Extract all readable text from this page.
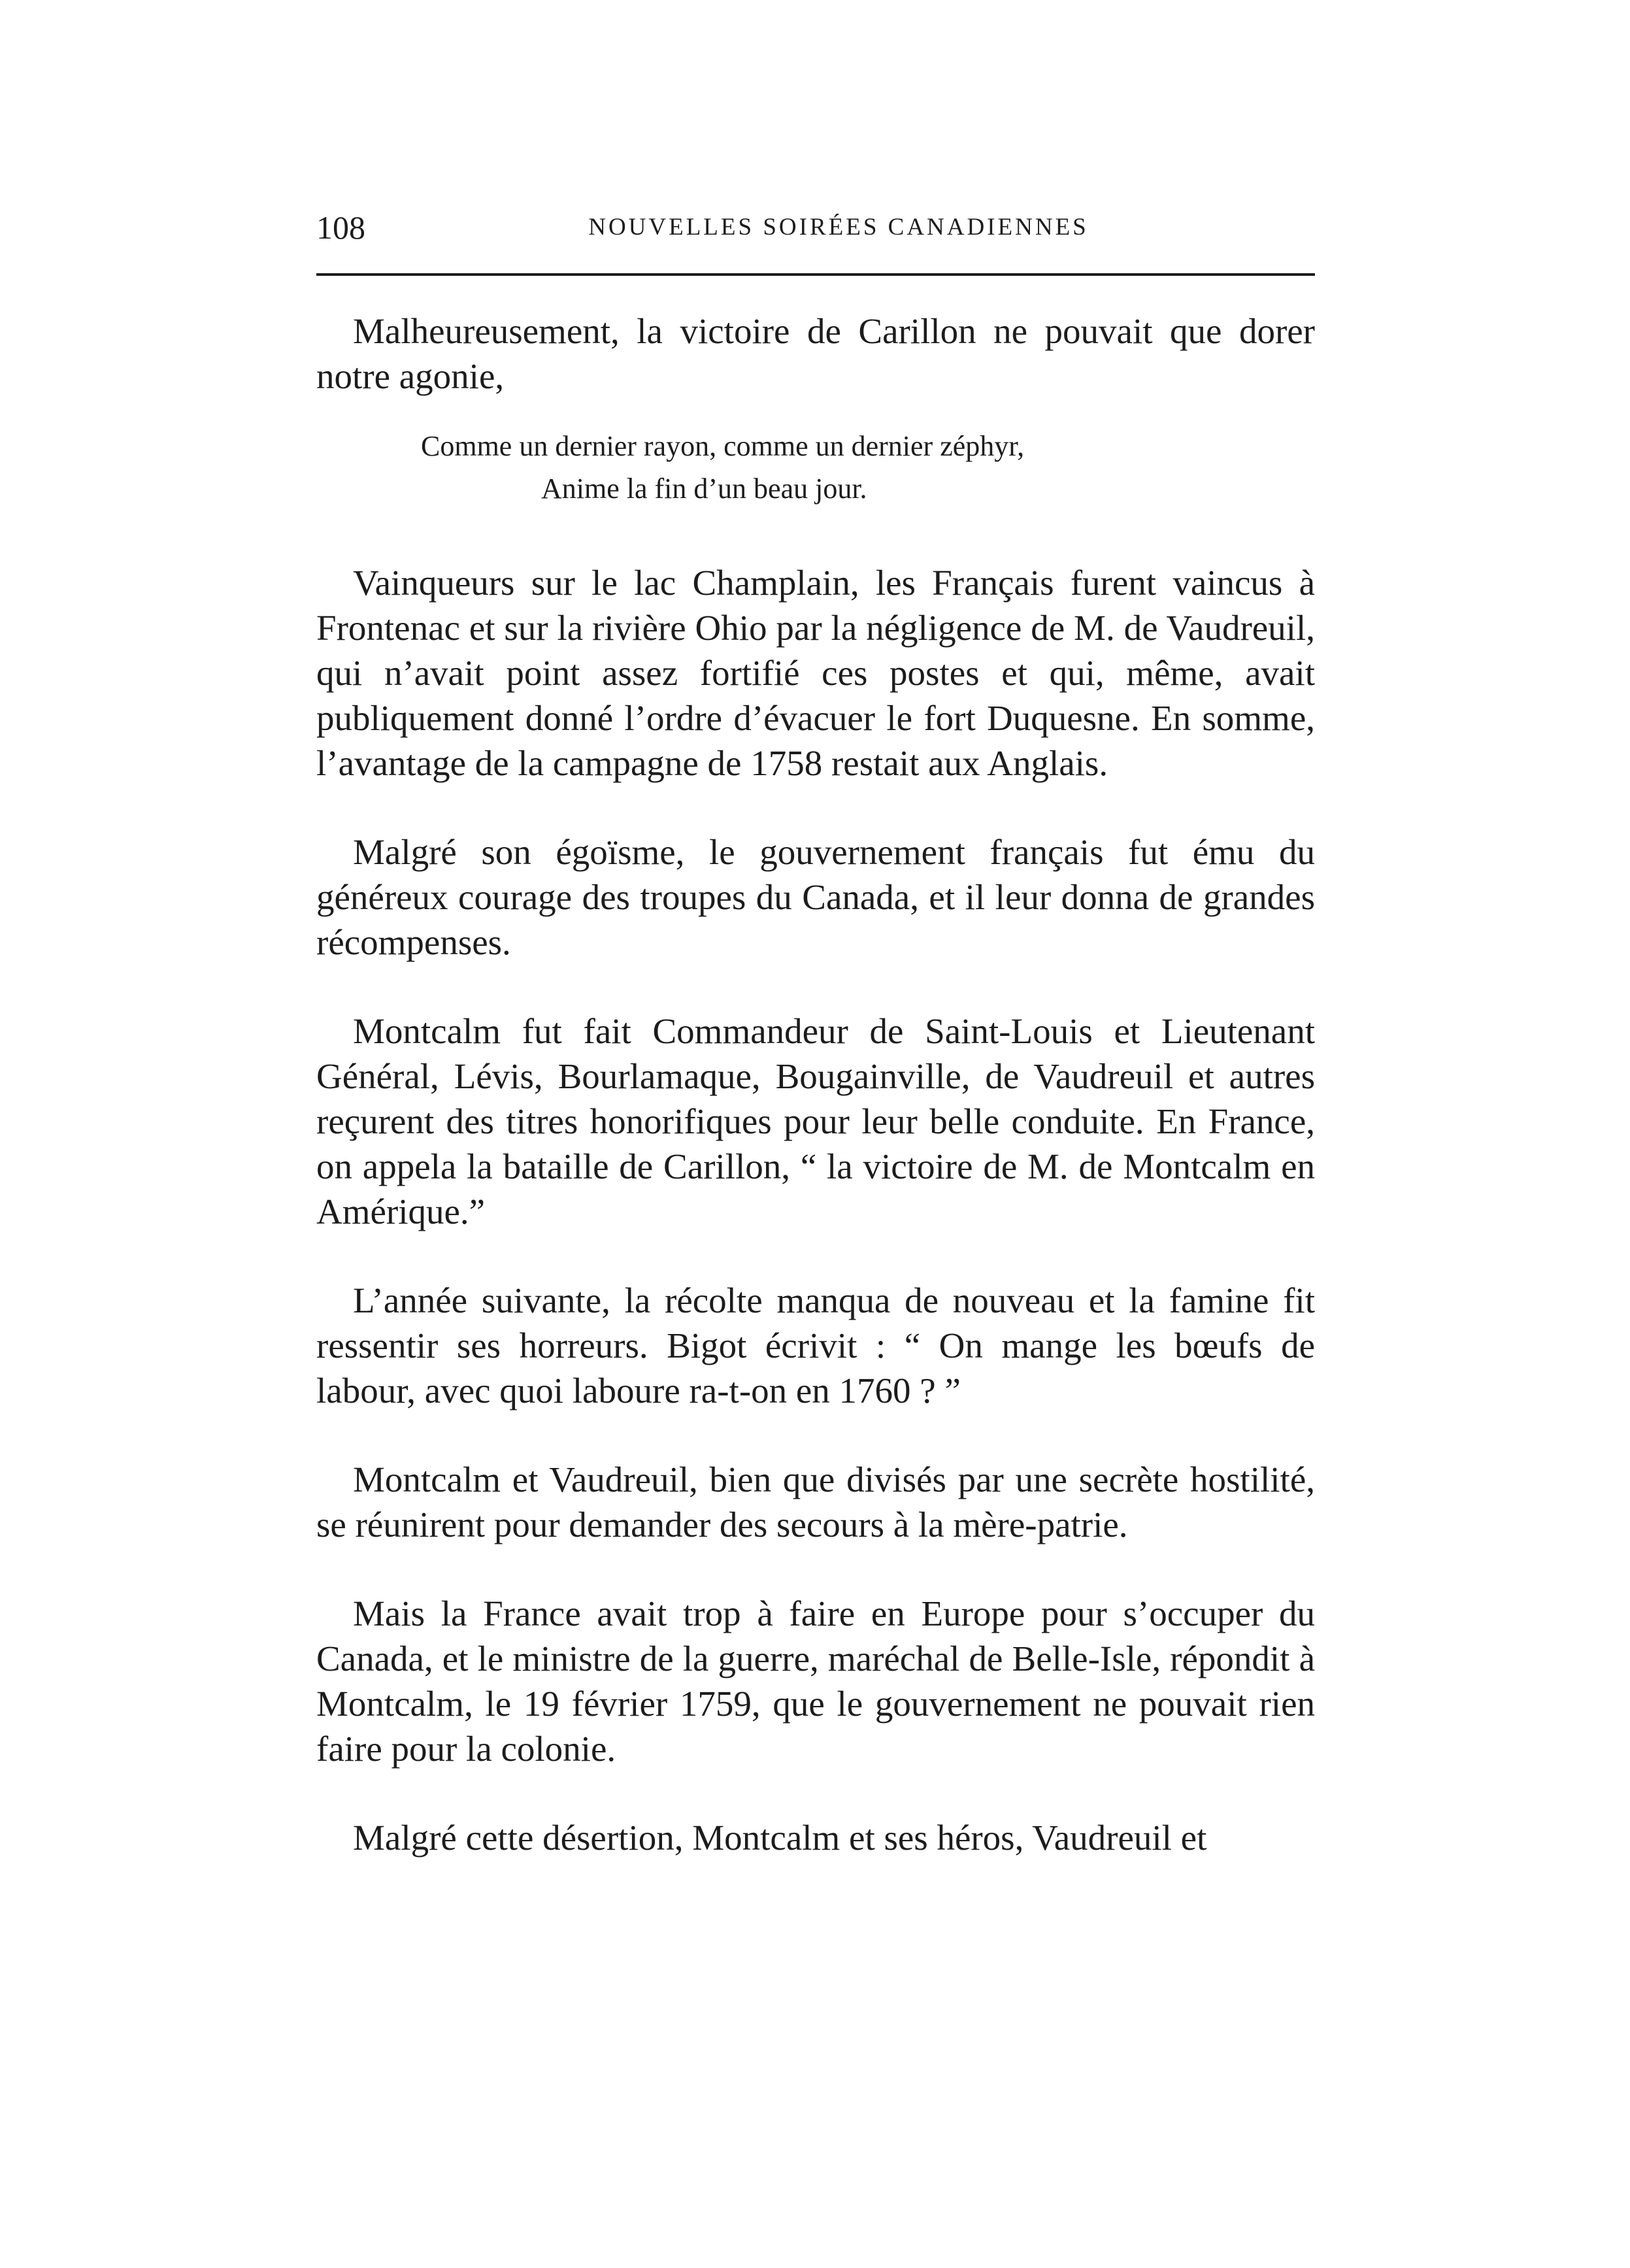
108	NOUVELLES SOIRÉES CANADIENNES

Malheureusement, la victoire de Carillon ne pouvait que dorer notre agonie,

Comme un dernier rayon, comme un dernier zéphyr,
Anime la fin d’un beau jour.

Vainqueurs sur le lac Champlain, les Français furent vaincus à Frontenac et sur la rivière Ohio par la négligence de M. de Vaudreuil, qui n’avait point assez fortifié ces postes et qui, même, avait publiquement donné l’ordre d’évacuer le fort Duquesne. En somme, l’avantage de la campagne de 1758 restait aux Anglais.

Malgré son égoïsme, le gouvernement français fut ému du généreux courage des troupes du Canada, et il leur donna de grandes récompenses.

Montcalm fut fait Commandeur de Saint-Louis et Lieutenant Général, Lévis, Bourlamaque, Bougainville, de Vaudreuil et autres reçurent des titres honorifiques pour leur belle conduite. En France, on appela la bataille de Carillon, “ la victoire de M. de Montcalm en Amérique.”

L’année suivante, la récolte manqua de nouveau et la famine fit ressentir ses horreurs. Bigot écrivit : “ On mange les bœufs de labour, avec quoi laboure ra-t-on en 1760 ? ”

Montcalm et Vaudreuil, bien que divisés par une secrète hostilité, se réunirent pour demander des secours à la mère-patrie.

Mais la France avait trop à faire en Europe pour s’occuper du Canada, et le ministre de la guerre, maréchal de Belle-Isle, répondit à Montcalm, le 19 février 1759, que le gouvernement ne pouvait rien faire pour la colonie.

Malgré cette désertion, Montcalm et ses héros, Vaudreuil et
